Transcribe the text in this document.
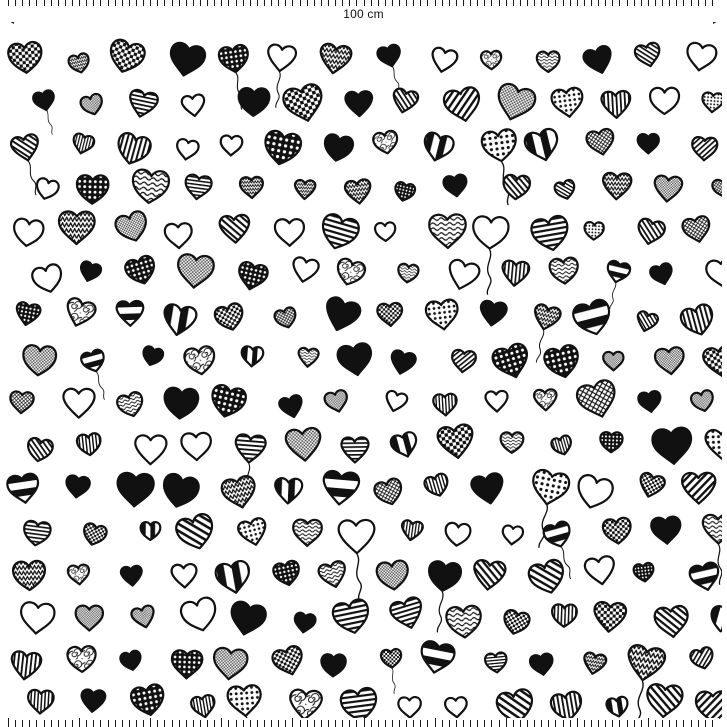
100 cm
